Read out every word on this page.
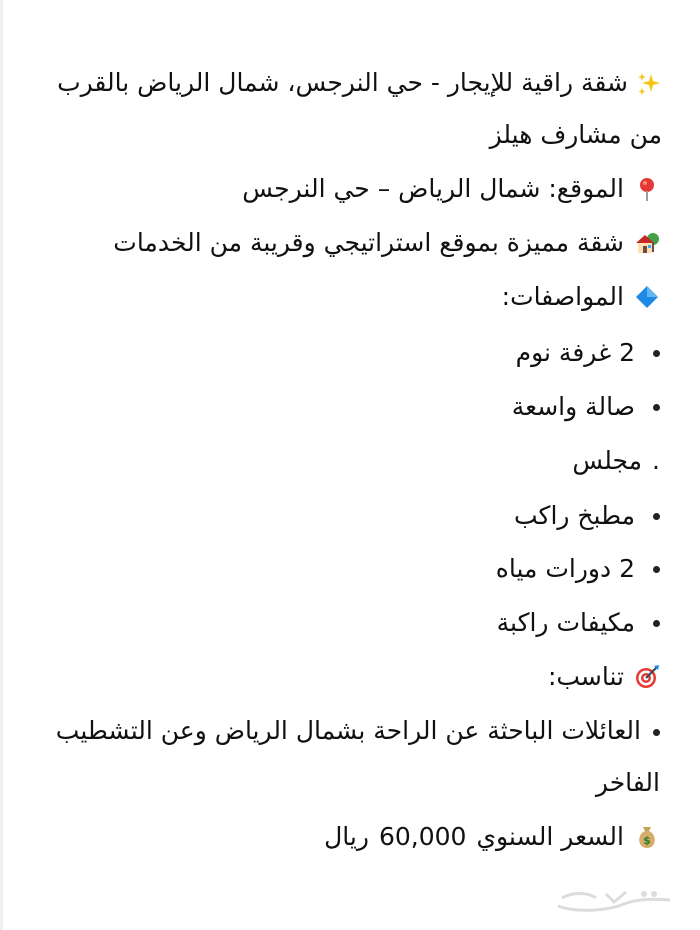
شقة راقية للإيجار - حي النرجس، شمال الرياض بالقرب من مشارف هيلز
الموقع: شمال الرياض – حي النرجس
شقة مميزة بموقع استراتيجي وقريبة من الخدمات
المواصفات:
2 غرفة نوم
صالة واسعة
.
مجلس
مطبخ راكب
2 دورات مياه
مكيفات راكبة
تناسب:
العائلات الباحثة عن الراحة بشمال الرياض وعن التشطيب الفاخر
$
السعر السنوي
60,000
ريال
